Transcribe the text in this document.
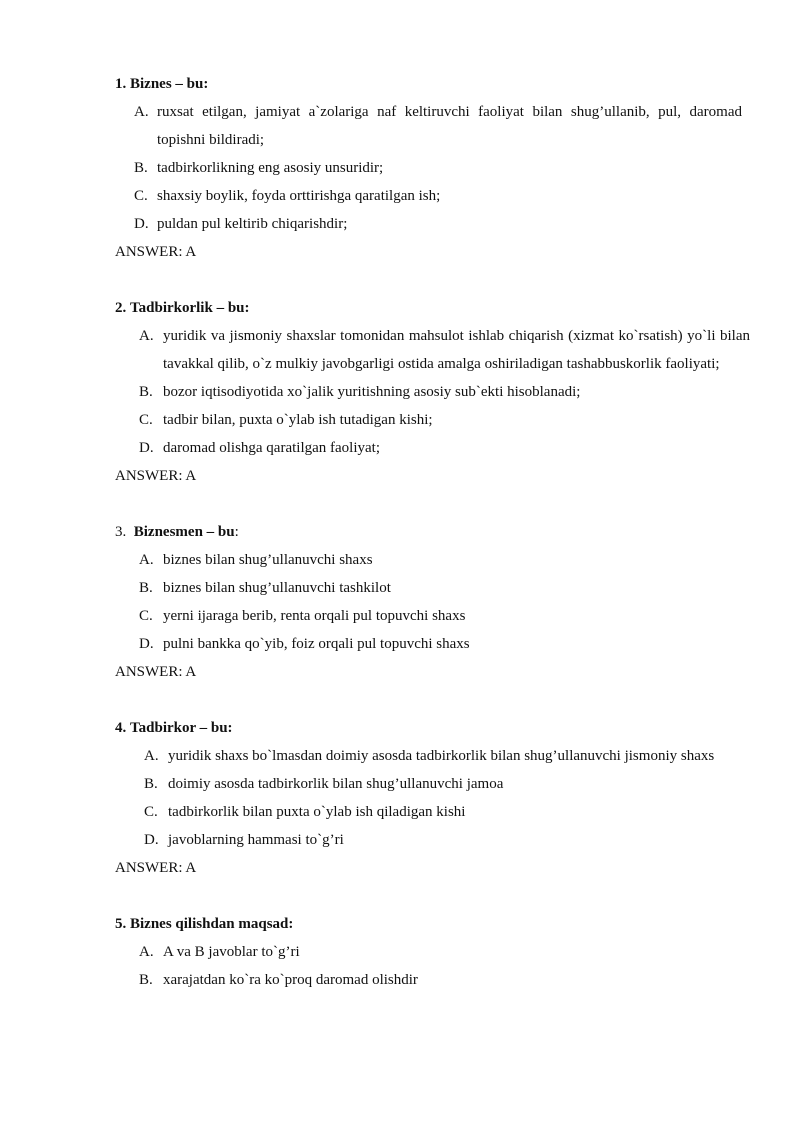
1. Biznes – bu:
A. ruxsat etilgan, jamiyat a`zolariga naf keltiruvchi faoliyat bilan shug’ullanib, pul, daromad topishni bildiradi;
B. tadbirkorlikning eng asosiy unsuridir;
C. shaxsiy boylik, foyda orttirishga qaratilgan ish;
D. puldan pul keltirib chiqarishdir;
ANSWER: A
2. Tadbirkorlik – bu:
A. yuridik va jismoniy shaxslar tomonidan mahsulot ishlab chiqarish (xizmat ko`rsatish) yo`li bilan tavakkal qilib, o`z mulkiy javobgarligi ostida amalga oshiriladigan tashabbuskorlik faoliyati;
B. bozor iqtisodiyotida xo`jalik yuritishning asosiy sub`ekti hisoblanadi;
C. tadbir bilan, puxta o`ylab ish tutadigan kishi;
D. daromad olishga qaratilgan faoliyat;
ANSWER: A
3. Biznesmen – bu:
A. biznes bilan shug’ullanuvchi shaxs
B. biznes bilan shug’ullanuvchi tashkilot
C. yerni ijaraga berib, renta orqali pul topuvchi shaxs
D. pulni bankka qo`yib, foiz orqali pul topuvchi shaxs
ANSWER: A
4. Tadbirkor – bu:
A. yuridik shaxs bo`lmasdan doimiy asosda tadbirkorlik bilan shug’ullanuvchi jismoniy shaxs
B. doimiy asosda tadbirkorlik bilan shug’ullanuvchi jamoa
C. tadbirkorlik bilan puxta o`ylab ish qiladigan kishi
D. javoblarning hammasi to`g’ri
ANSWER: A
5. Biznes qilishdan maqsad:
A. A va B javoblar to`g’ri
B. xarajatdan ko`ra ko`proq daromad olishdir
